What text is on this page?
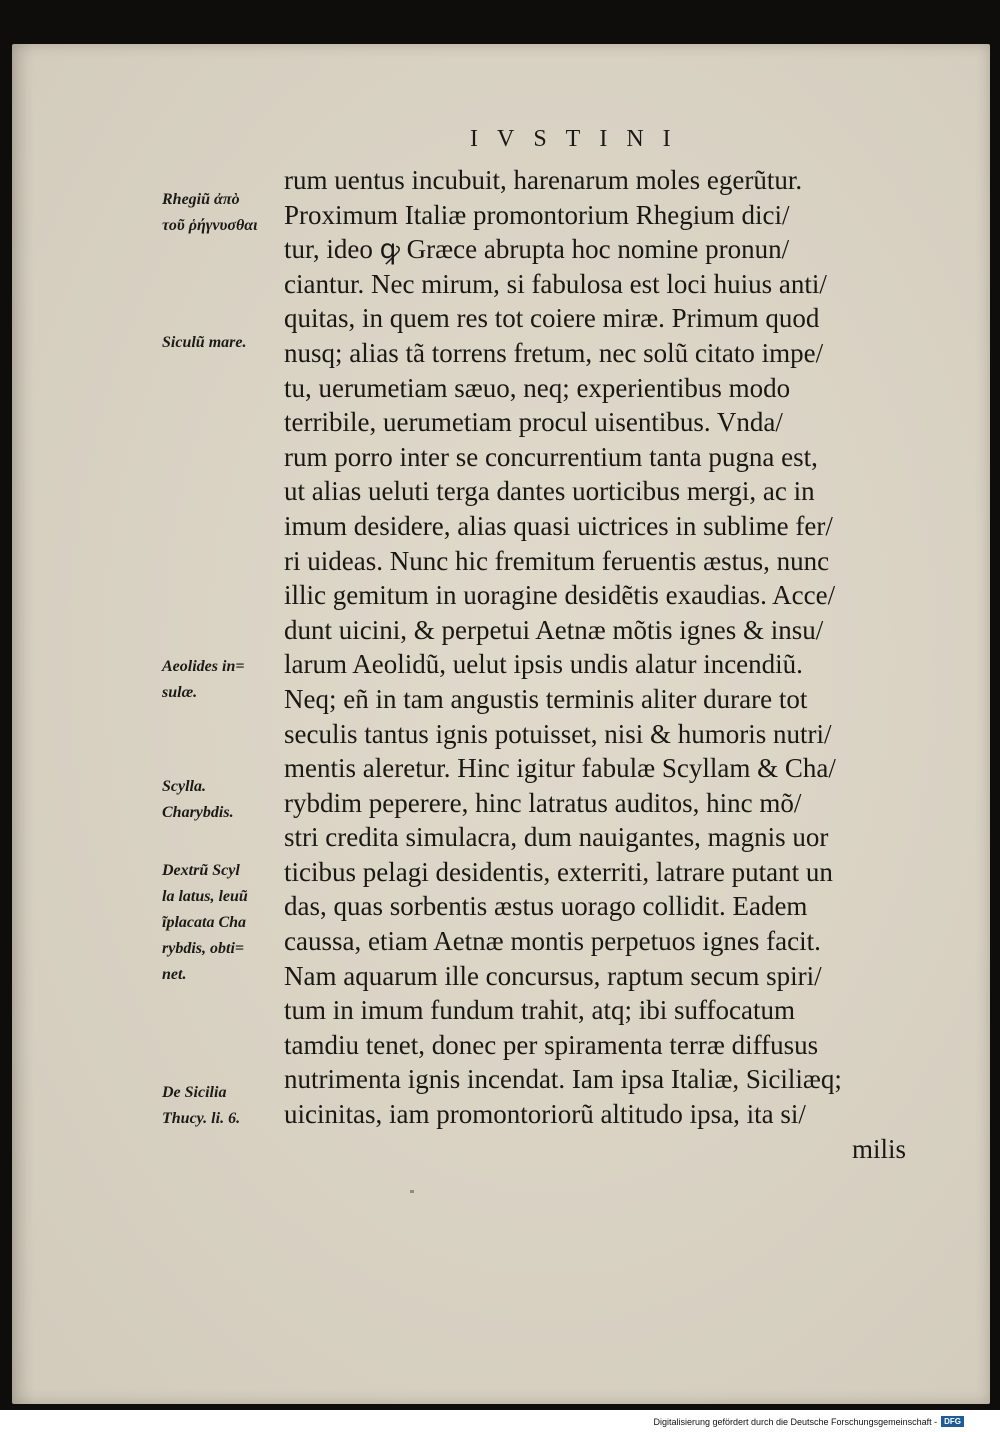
IVSTINI
rum uentus incubuit, harenarum moles egerũtur.
Proximum Italiæ promontorium Rhegium dici/
tur, ideo ꝙ Græce abrupta hoc nomine pronun/
ciantur. Nec mirum, si fabulosa est loci huius anti/
quitas, in quem res tot coiere miræ. Primum quod
nusq; alias tã torrens fretum, nec solũ citato impe/
tu, uerumetiam sæuo, neq; experientibus modo
terribile, uerumetiam procul uisentibus. Vnda/
rum porro inter se concurrentium tanta pugna est,
ut alias ueluti terga dantes uorticibus mergi, ac in
imum desidere, alias quasi uictrices in sublime fer/
ri uideas. Nunc hic fremitum feruentis æstus, nunc
illic gemitum in uoragine desidẽtis exaudias. Acce/
dunt uicini, & perpetui Aetnæ mõtis ignes & insu/
larum Aeolidũ, uelut ipsis undis alatur incendiũ.
Neq; eñ in tam angustis terminis aliter durare tot
seculis tantus ignis potuisset, nisi & humoris nutri/
mentis aleretur. Hinc igitur fabulæ Scyllam & Cha/
rybdim peperere, hinc latratus auditos, hinc mõ/
stri credita simulacra, dum nauigantes, magnis uor
ticibus pelagi desidentis, exterriti, latrare putant un
das, quas sorbentis æstus uorago collidit. Eadem
caussa, etiam Aetnæ montis perpetuos ignes facit.
Nam aquarum ille concursus, raptum secum spiri/
tum in imum fundum trahit, atq; ibi suffocatum
tamdiu tenet, donec per spiramenta terræ diffusus
nutrimenta ignis incendat. Iam ipsa Italiæ, Siciliæq;
uicinitas, iam promontoriorũ altitudo ipsa, ita si/
milis
Rhegiũ ἀπὸ
τοῦ ῥήγνυσθαι
Siculũ mare.
Aeolides in=
sulæ.
Scylla.
Charybdis.
Dextrũ Scyl
la latus, leuũ
ĩplacata Cha
rybdis, obti=
net.
De Sicilia
Thucy. li. 6.
Digitalisierung gefördert durch die Deutsche Forschungsgemeinschaft - DFG
